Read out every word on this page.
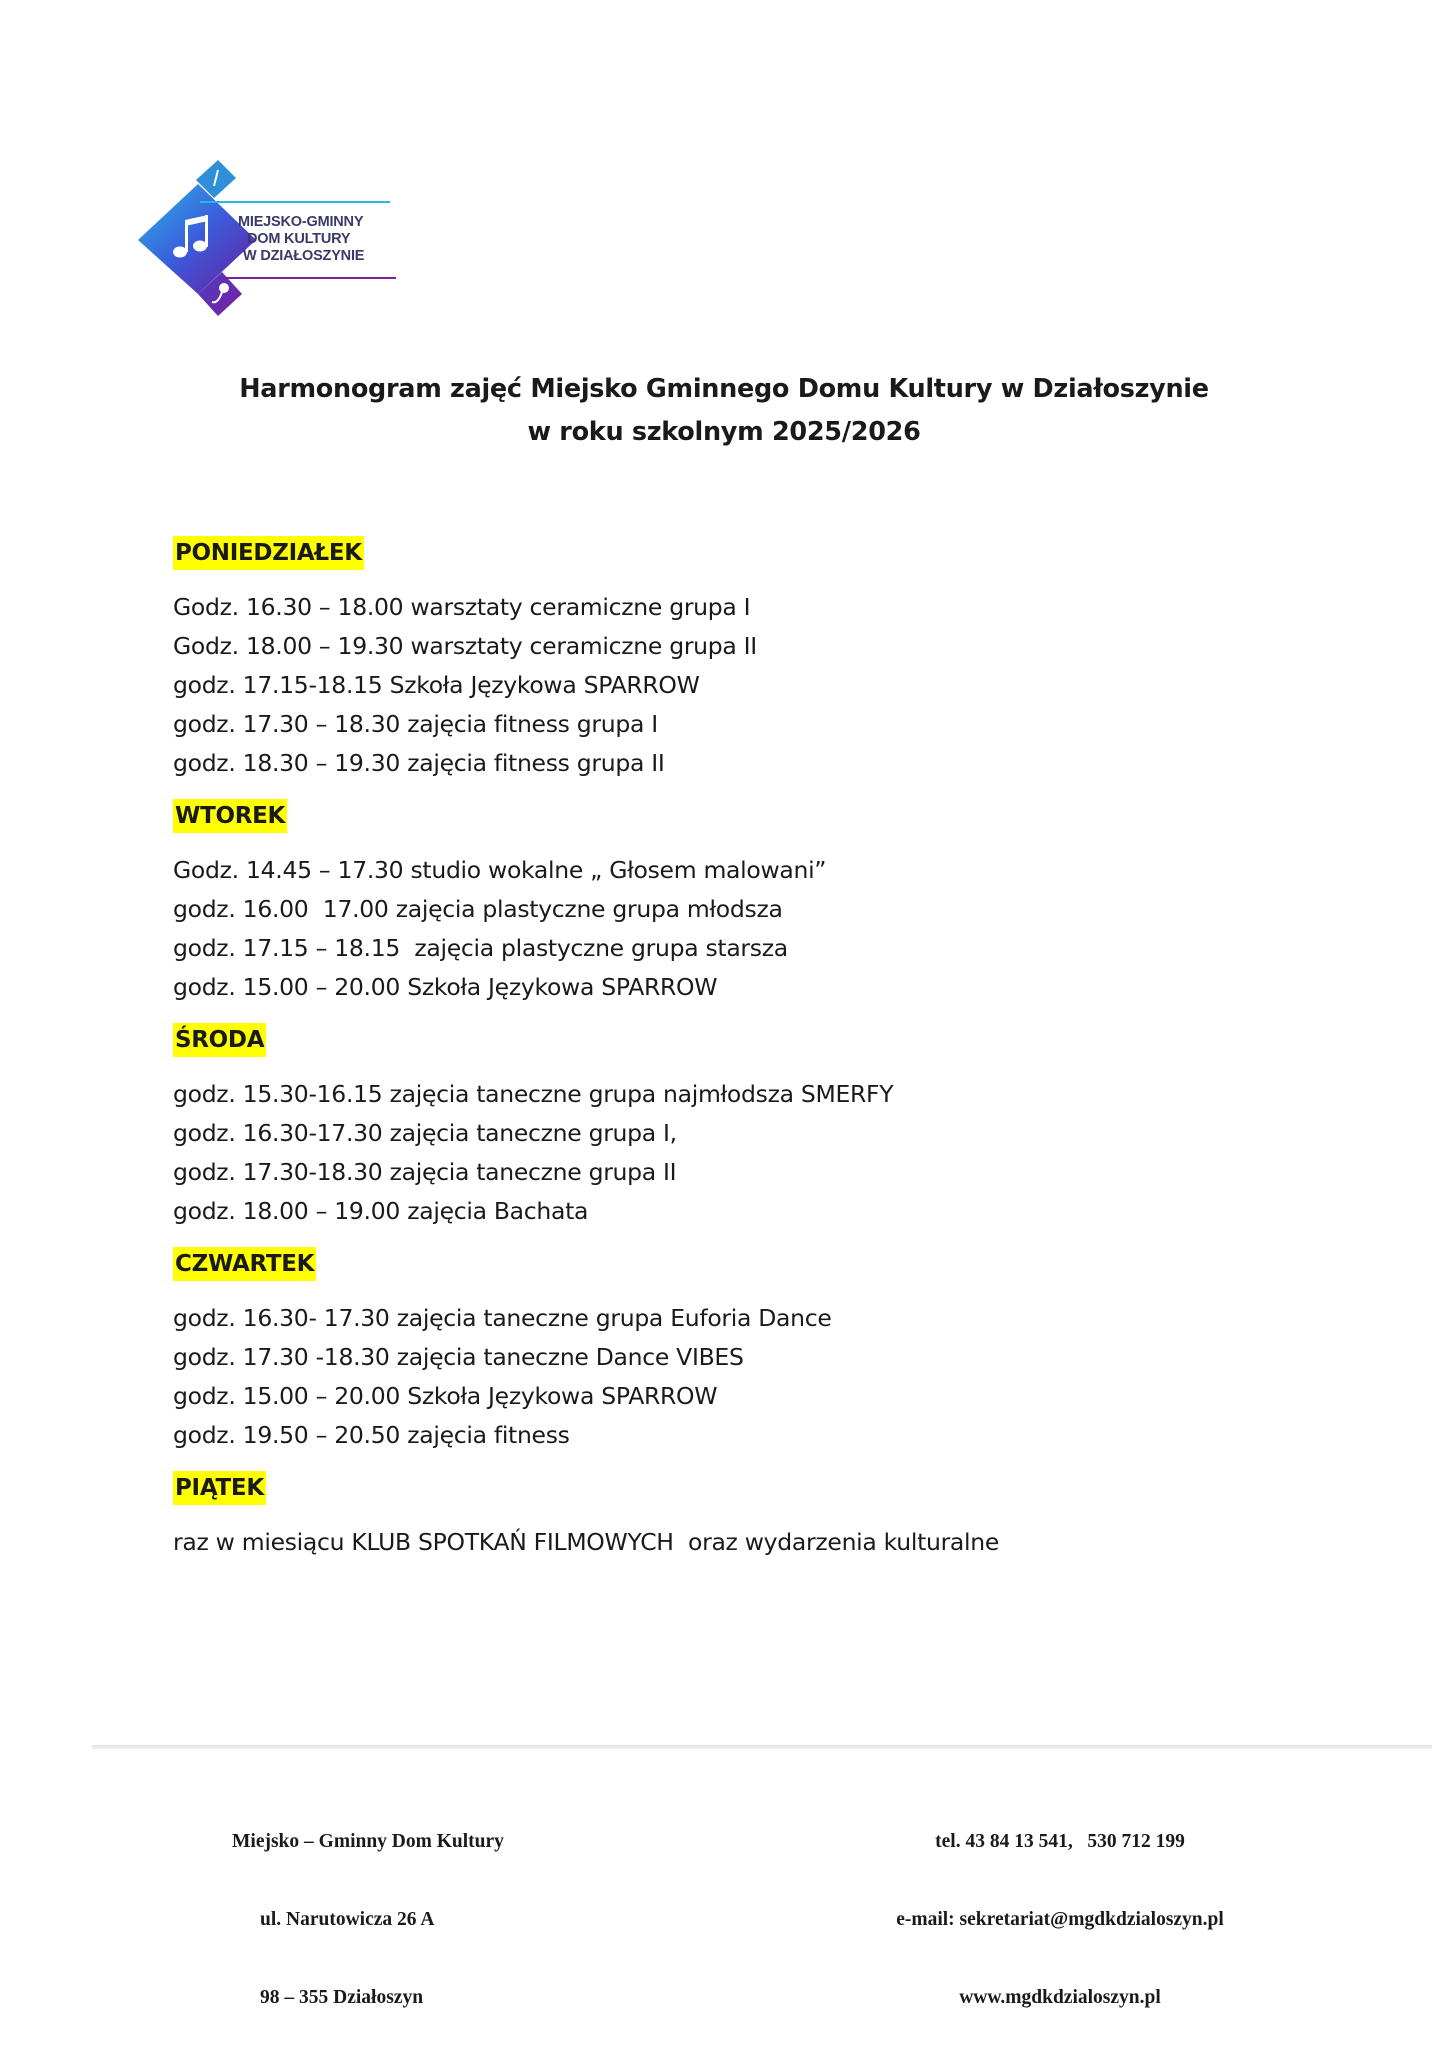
MIEJSKO-GMINNY
DOM KULTURY
W DZIAŁOSZYNIE
Harmonogram zajęć Miejsko Gminnego Domu Kultury w Działoszynie
w roku szkolnym 2025/2026
PONIEDZIAŁEK
Godz. 16.30 – 18.00 warsztaty ceramiczne grupa I
Godz. 18.00 – 19.30 warsztaty ceramiczne grupa II
godz. 17.15-18.15 Szkoła Językowa SPARROW
godz. 17.30 – 18.30 zajęcia fitness grupa I
godz. 18.30 – 19.30 zajęcia fitness grupa II
WTOREK
Godz. 14.45 – 17.30 studio wokalne „ Głosem malowani”
godz. 16.00  17.00 zajęcia plastyczne grupa młodsza
godz. 17.15 – 18.15  zajęcia plastyczne grupa starsza
godz. 15.00 – 20.00 Szkoła Językowa SPARROW
ŚRODA
godz. 15.30-16.15 zajęcia taneczne grupa najmłodsza SMERFY
godz. 16.30-17.30 zajęcia taneczne grupa I,
godz. 17.30-18.30 zajęcia taneczne grupa II
godz. 18.00 – 19.00 zajęcia Bachata
CZWARTEK
godz. 16.30- 17.30 zajęcia taneczne grupa Euforia Dance
godz. 17.30 -18.30 zajęcia taneczne Dance VIBES
godz. 15.00 – 20.00 Szkoła Językowa SPARROW
godz. 19.50 – 20.50 zajęcia fitness
PIĄTEK
raz w miesiącu KLUB SPOTKAŃ FILMOWYCH  oraz wydarzenia kulturalne

Miejsko – Gminny Dom Kultury

ul. Narutowicza 26 A

98 – 355 Działoszyn

tel. 43 84 13 541,   530 712 199

e-mail: sekretariat@mgdkdzialoszyn.pl

www.mgdkdzialoszyn.pl
